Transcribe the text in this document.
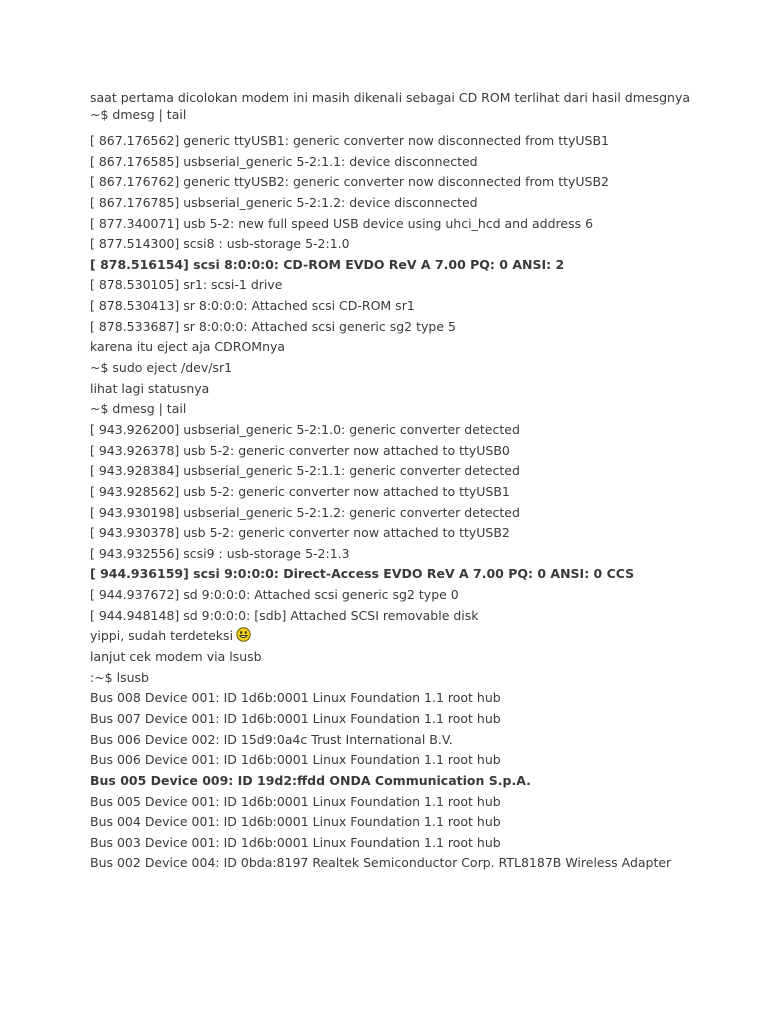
saat pertama dicolokan modem ini masih dikenali sebagai CD ROM terlihat dari hasil dmesgnya

~$ dmesg | tail

[ 867.176562] generic ttyUSB1: generic converter now disconnected from ttyUSB1
[ 867.176585] usbserial_generic 5-2:1.1: device disconnected
[ 867.176762] generic ttyUSB2: generic converter now disconnected from ttyUSB2
[ 867.176785] usbserial_generic 5-2:1.2: device disconnected
[ 877.340071] usb 5-2: new full speed USB device using uhci_hcd and address 6
[ 877.514300] scsi8 : usb-storage 5-2:1.0
[ 878.516154] scsi 8:0:0:0: CD-ROM EVDO ReV A 7.00 PQ: 0 ANSI: 2
[ 878.530105] sr1: scsi-1 drive
[ 878.530413] sr 8:0:0:0: Attached scsi CD-ROM sr1
[ 878.533687] sr 8:0:0:0: Attached scsi generic sg2 type 5
karena itu eject aja CDROMnya
~$ sudo eject /dev/sr1
lihat lagi statusnya
~$ dmesg | tail
[ 943.926200] usbserial_generic 5-2:1.0: generic converter detected
[ 943.926378] usb 5-2: generic converter now attached to ttyUSB0
[ 943.928384] usbserial_generic 5-2:1.1: generic converter detected
[ 943.928562] usb 5-2: generic converter now attached to ttyUSB1
[ 943.930198] usbserial_generic 5-2:1.2: generic converter detected
[ 943.930378] usb 5-2: generic converter now attached to ttyUSB2
[ 943.932556] scsi9 : usb-storage 5-2:1.3
[ 944.936159] scsi 9:0:0:0: Direct-Access EVDO ReV A 7.00 PQ: 0 ANSI: 0 CCS
[ 944.937672] sd 9:0:0:0: Attached scsi generic sg2 type 0
[ 944.948148] sd 9:0:0:0: [sdb] Attached SCSI removable disk
yippi, sudah terdeteksi
lanjut cek modem via lsusb
:~$ lsusb
Bus 008 Device 001: ID 1d6b:0001 Linux Foundation 1.1 root hub
Bus 007 Device 001: ID 1d6b:0001 Linux Foundation 1.1 root hub
Bus 006 Device 002: ID 15d9:0a4c Trust International B.V.
Bus 006 Device 001: ID 1d6b:0001 Linux Foundation 1.1 root hub
Bus 005 Device 009: ID 19d2:ffdd ONDA Communication S.p.A.
Bus 005 Device 001: ID 1d6b:0001 Linux Foundation 1.1 root hub
Bus 004 Device 001: ID 1d6b:0001 Linux Foundation 1.1 root hub
Bus 003 Device 001: ID 1d6b:0001 Linux Foundation 1.1 root hub
Bus 002 Device 004: ID 0bda:8197 Realtek Semiconductor Corp. RTL8187B Wireless Adapter
